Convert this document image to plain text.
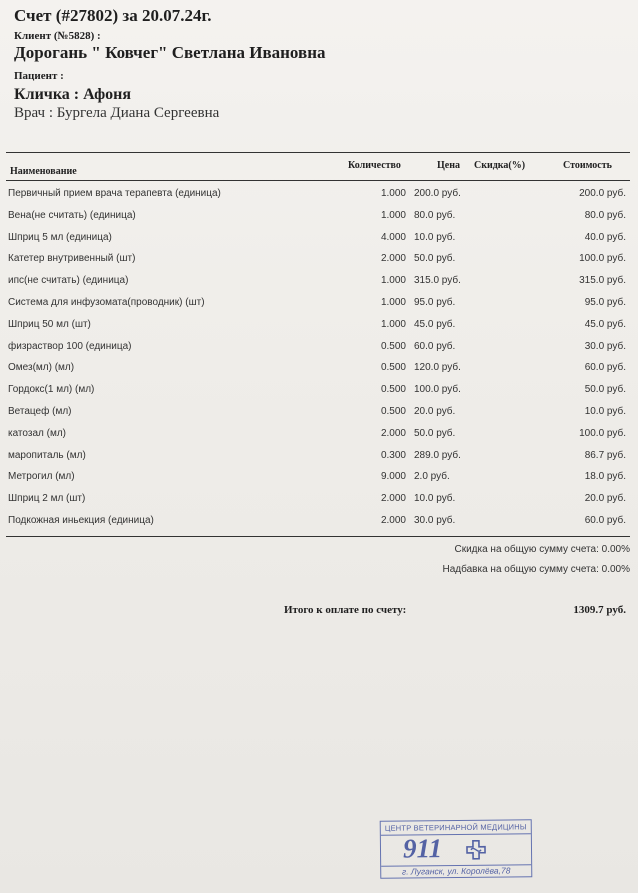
Счет (#27802) за 20.07.24г.
Клиент (№5828) :
Дорогань " Ковчег" Светлана Ивановна
Пациент :
Кличка : Афоня
Врач : Бургела Диана Сергеевна
Наименование
Количество	Цена Скидка(%)	Стоимость
Первичный прием врача терапевта (единица)	1.000 200.0 руб.	200.0 руб.
Вена(не считать) (единица)	1.000 80.0 руб.	80.0 руб.
Шприц 5 мл (единица)	4.000 10.0 руб.	40.0 руб.
Катетер внутривенный (шт)	2.000 50.0 руб.	100.0 руб.
ипс(не считать) (единица)	1.000 315.0 руб.	315.0 руб.
Система для инфузомата(проводник) (шт)	1.000 95.0 руб.	95.0 руб.
Шприц 50 мл (шт)	1.000 45.0 руб.	45.0 руб.
физраствор 100 (единица)	0.500 60.0 руб.	30.0 руб.
Омез(мл) (мл)	0.500 120.0 руб.	60.0 руб.
Гордокс(1 мл) (мл)	0.500 100.0 руб.	50.0 руб.
Ветацеф (мл)	0.500 20.0 руб.	10.0 руб.
катозал (мл)	2.000 50.0 руб.	100.0 руб.
маропиталь (мл)	0.300 289.0 руб.	86.7 руб.
Метрогил (мл)	9.000 2.0 руб.	18.0 руб.
Шприц 2 мл (шт)	2.000 10.0 руб.	20.0 руб.
Подкожная иньекция (единица)	2.000 30.0 руб.	60.0 руб.
Скидка на общую сумму счета: 0.00%
Надбавка на общую сумму счета: 0.00%
Итого к оплате по счету:	1309.7 руб.
ЦЕНТР ВЕТЕРИНАРНОЙ МЕДИЦИНЫ
911
г. Луганск, ул. Королёва,78
